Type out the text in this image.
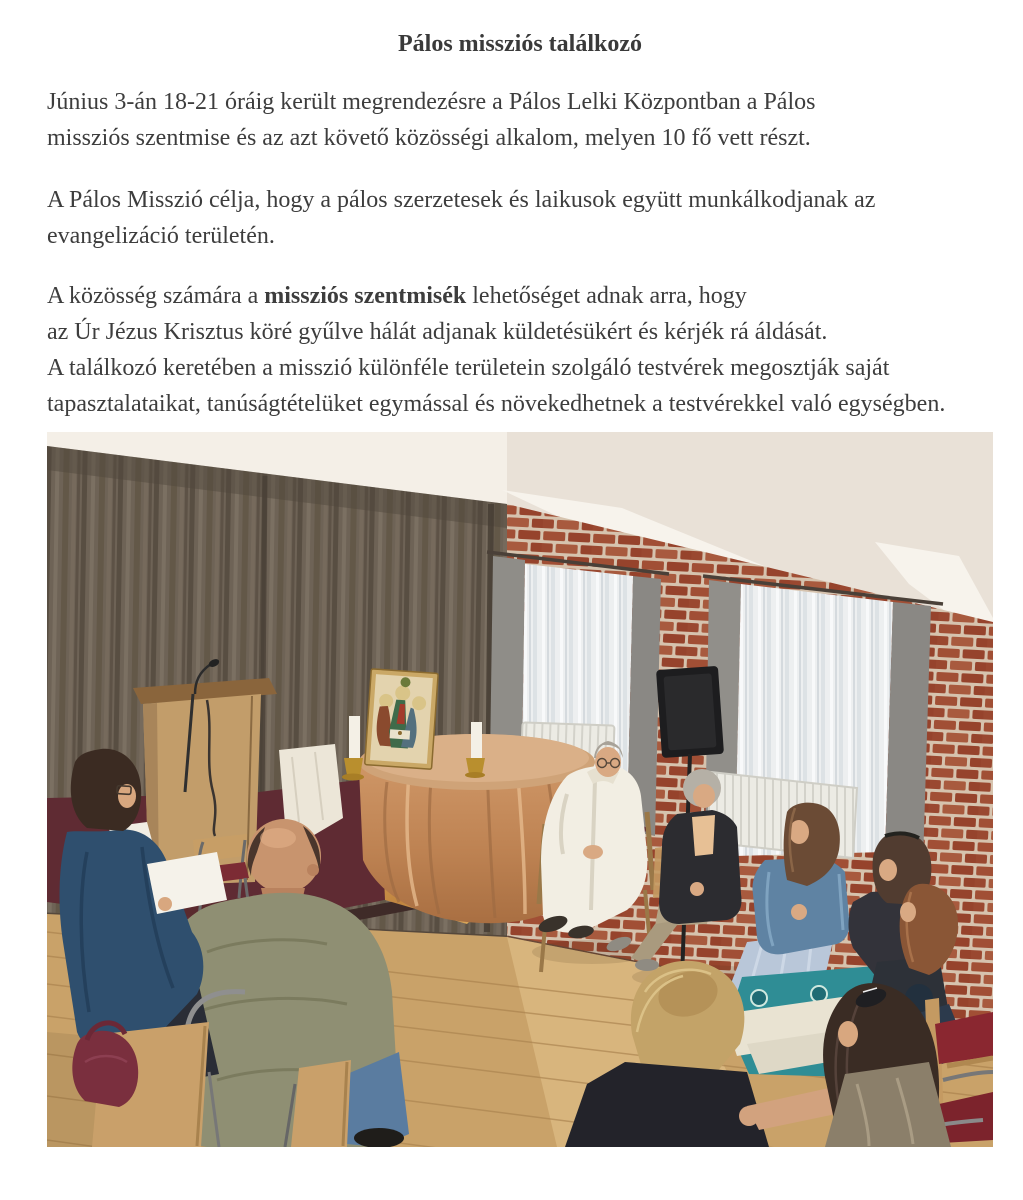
Pálos missziós találkozó

Június 3-án 18-21 óráig került megrendezésre a Pálos Lelki Központban a Pálos
missziós szentmise és az azt követő közösségi alkalom, melyen 10 fő vett részt.

A Pálos Misszió célja, hogy a pálos szerzetesek és laikusok együtt munkálkodjanak az
evangelizáció területén.

A közösség számára a missziós szentmisék lehetőséget adnak arra, hogy
az Úr Jézus Krisztus köré gyűlve hálát adjanak küldetésükért és kérjék rá áldását.
A találkozó keretében a misszió különféle területein szolgáló testvérek megosztják saját tapasztalataikat, tanúságtételüket egymással és növekedhetnek a testvérekkel való egységben.
